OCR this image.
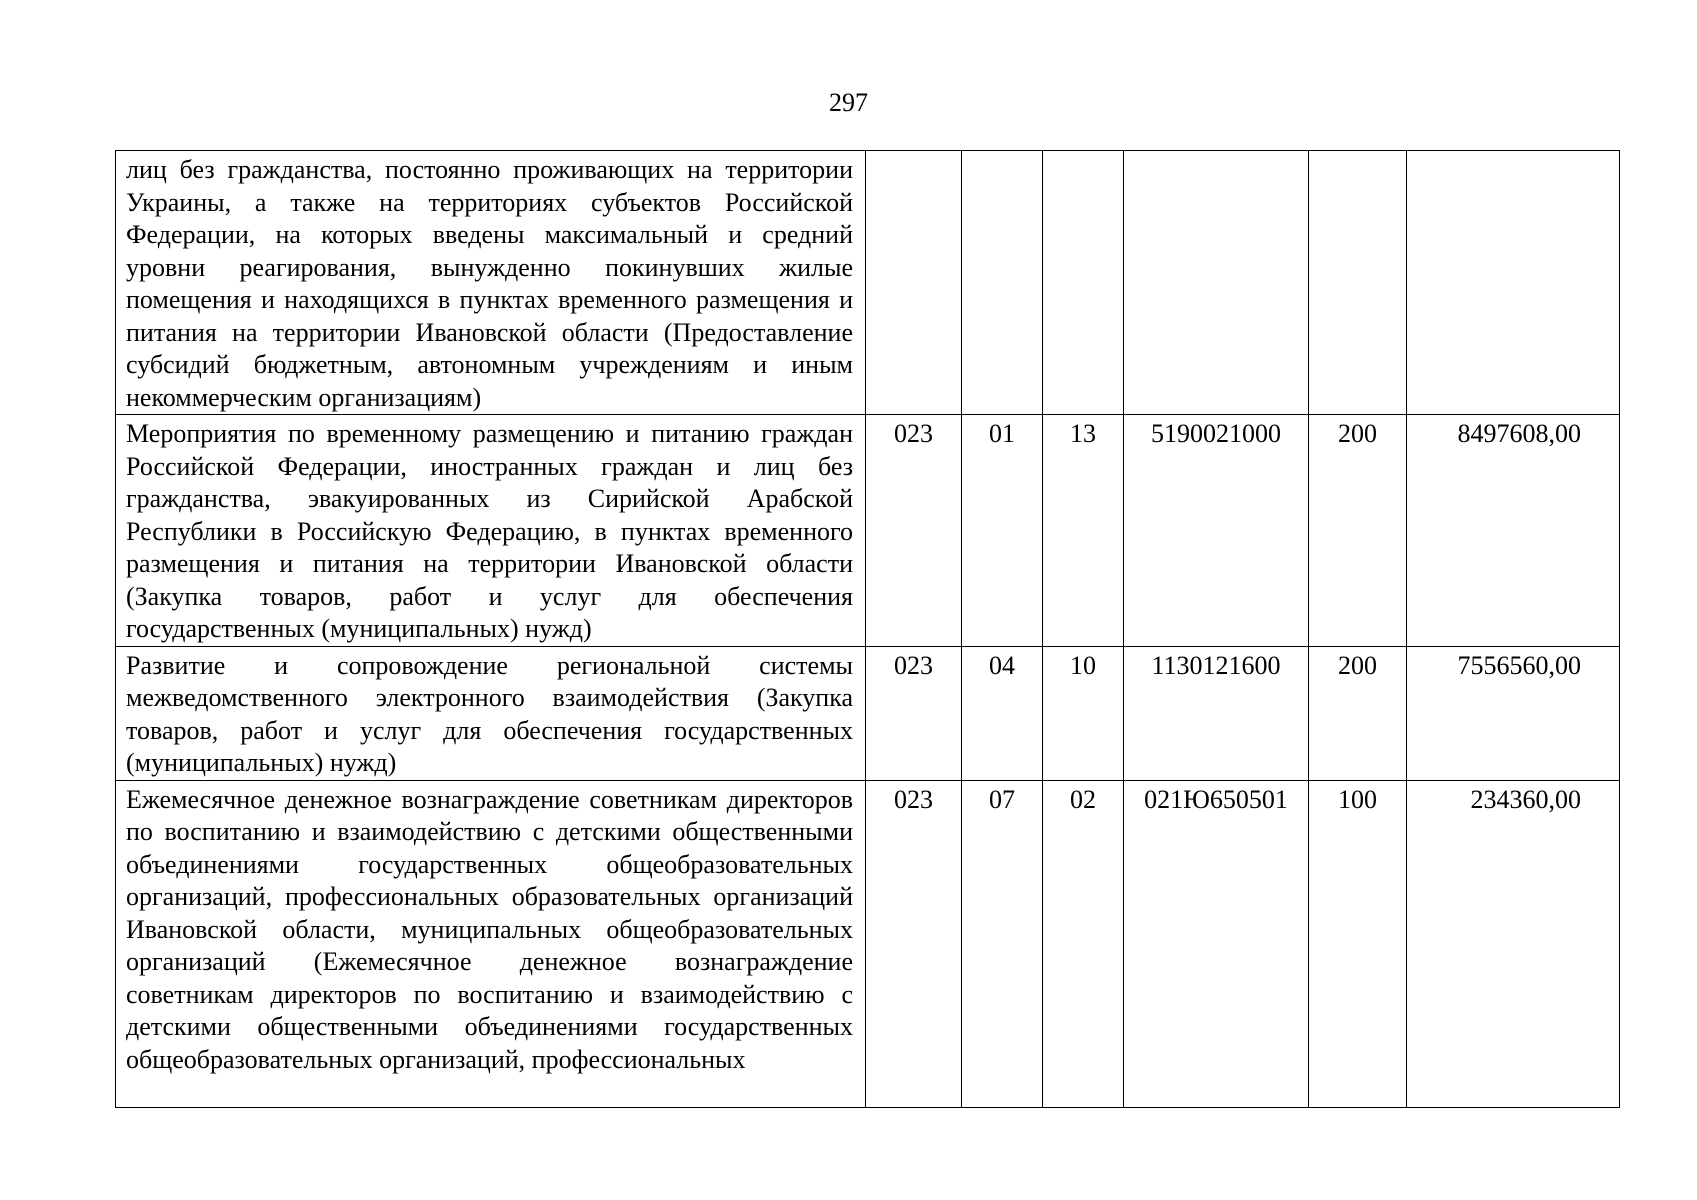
297
лиц без гражданства, постоянно проживающих на территории Украины, а также на территориях субъектов Российской Федерации, на которых введены максимальный и средний уровни реагирования, вынужденно покинувших жилые помещения и находящихся в пунктах временного размещения и питания на территории Ивановской области (Предоставление субсидий бюджетным, автономным учреждениям и иным некоммерческим организациям)						

Мероприятия по временному размещению и питанию граждан Российской Федерации, иностранных граждан и лиц без гражданства, эвакуированных из Сирийской Арабской Республики в Российскую Федерацию, в пунктах временного размещения и питания на территории Ивановской области (Закупка товаров, работ и услуг для обеспечения государственных (муниципальных) нужд)	023	01	13	5190021000	200	8497608,00

Развитие и сопровождение региональной системы межведомственного электронного взаимодействия (Закупка товаров, работ и услуг для обеспечения государственных (муниципальных) нужд)	023	04	10	1130121600	200	7556560,00

Ежемесячное денежное вознаграждение советникам директоров по воспитанию и взаимодействию с детскими общественными объединениями государственных общеобразовательных организаций, профессиональных образовательных организаций Ивановской области, муниципальных общеобразовательных организаций (Ежемесячное денежное вознаграждение советникам директоров по воспитанию и взаимодействию с детскими общественными объединениями государственных общеобразовательных организаций, профессиональных	023	07	02	021Ю650501	100	234360,00
